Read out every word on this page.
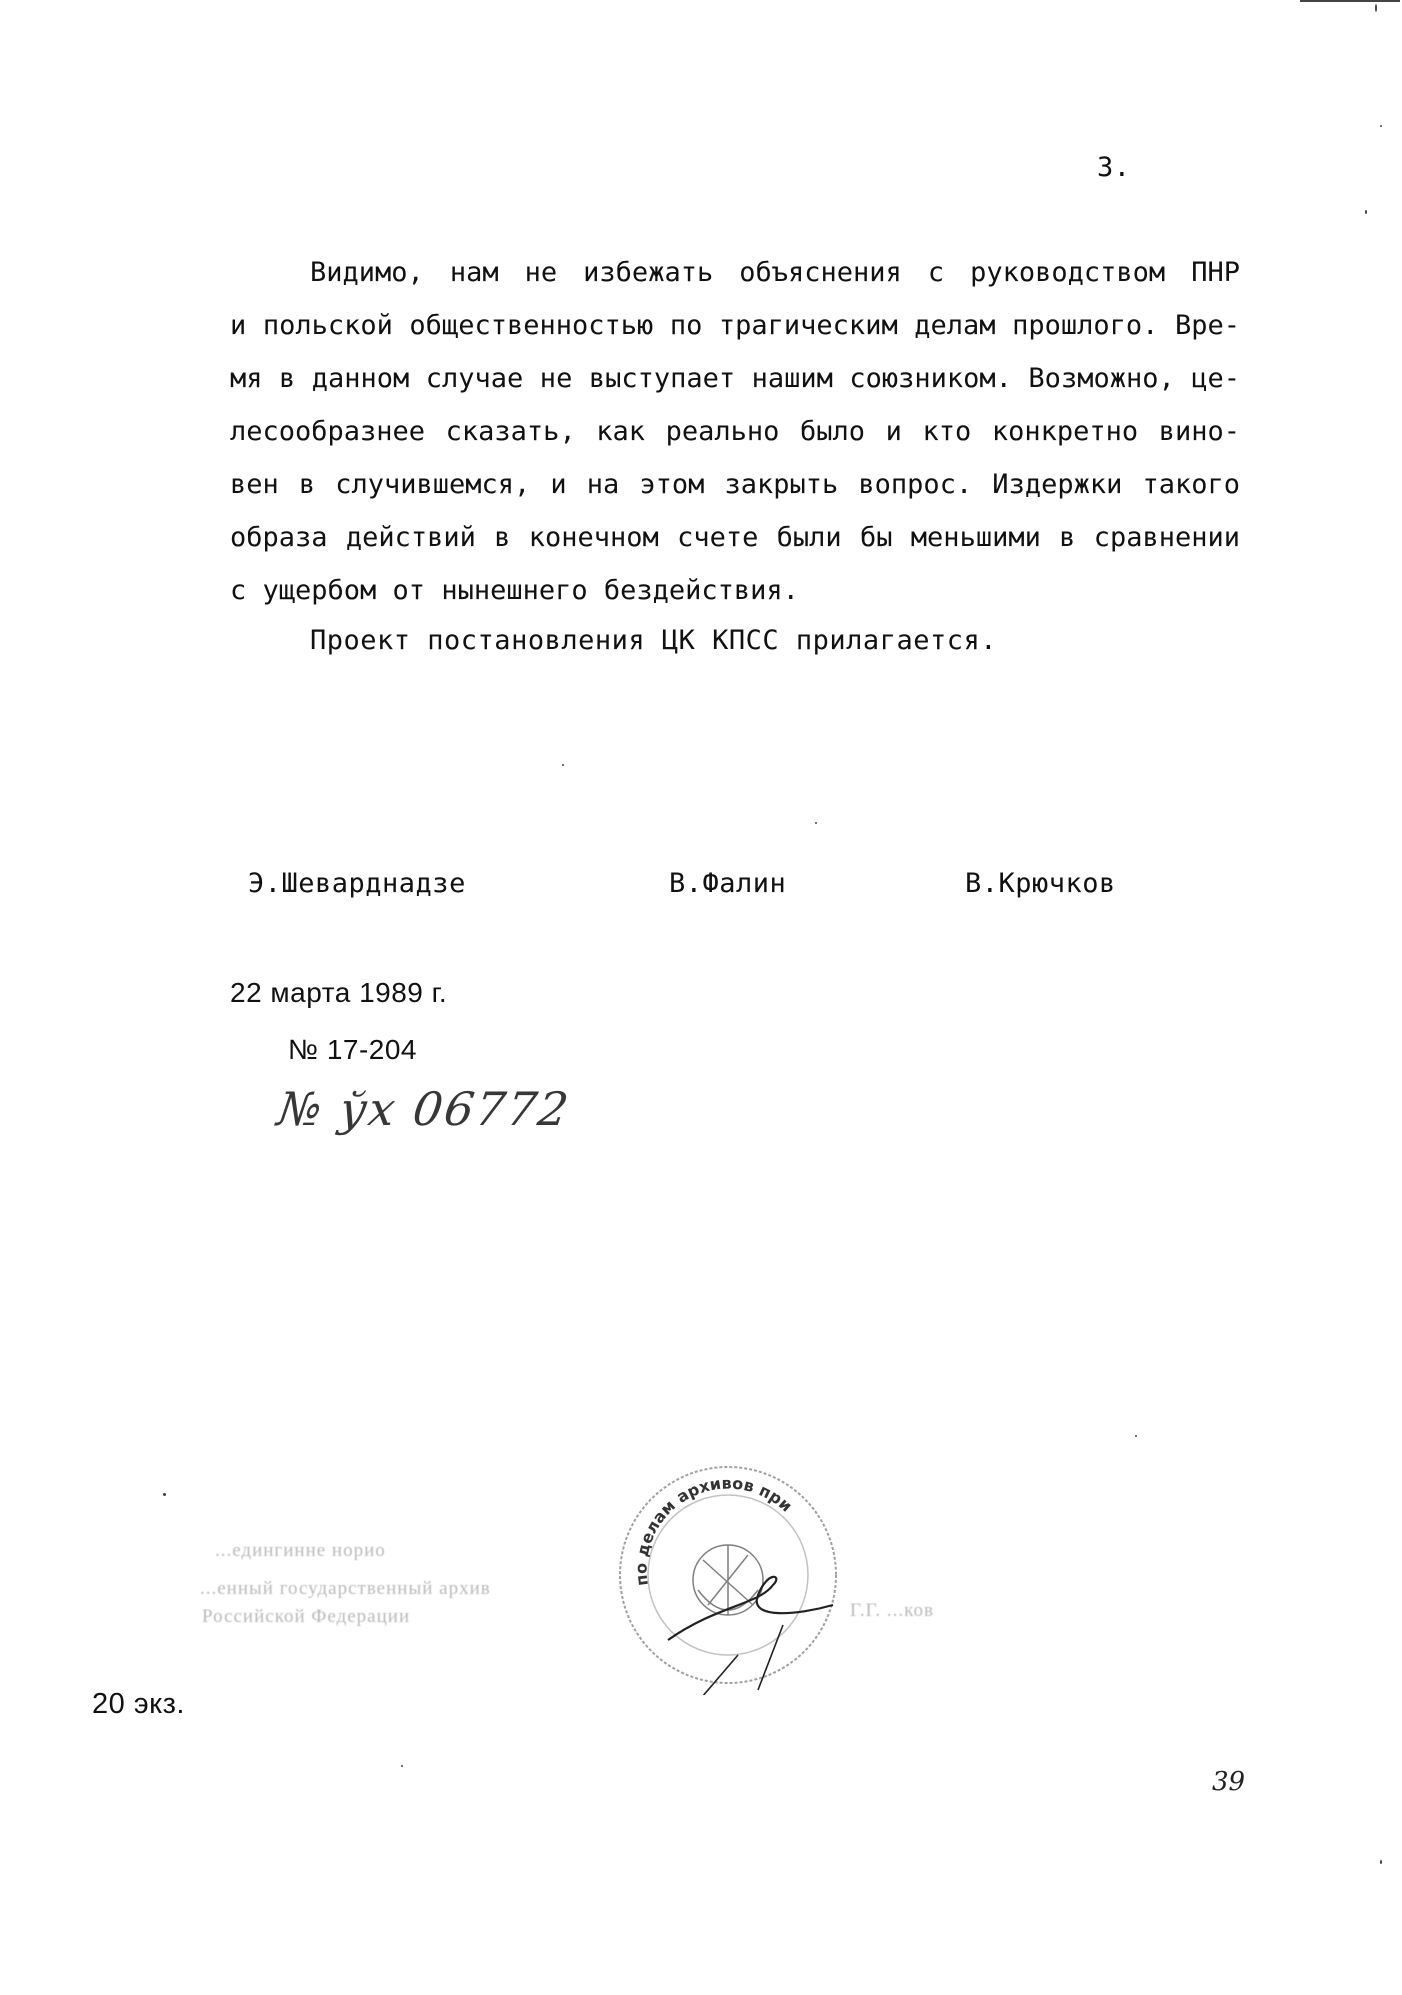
3.
Видимо, нам не избежать объяснения с руководством ПНР
и польской общественностью по трагическим делам прошлого. Вре-
мя в данном случае не выступает нашим союзником. Возможно, це-
лесообразнее сказать, как реально было и кто конкретно вино-
вен в случившемся, и на этом закрыть вопрос. Издержки такого
образа действий в конечном счете были бы меньшими в сравнении
с ущербом от нынешнего бездействия.
Проект постановления ЦК КПСС прилагается.
Э.Шеварднадзе	В.Фалин	В.Крючков
22 марта 1989 г.
№ 17-204
№ ўх 06772
...едингинне норио
...енный государственный архив
Российской Федерации	Г.Г. ...ков
по делам архивов при
20 экз.
39
